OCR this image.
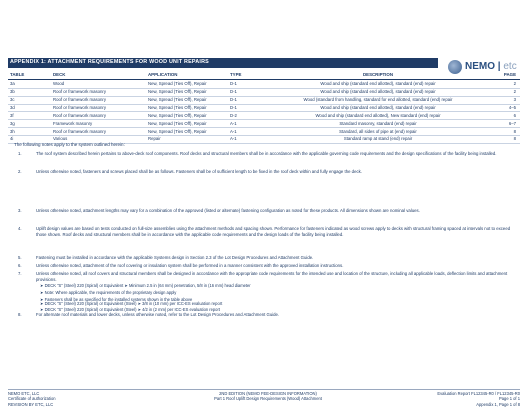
NEMO | etc
APPENDIX 1: ATTACHMENT REQUIREMENTS FOR WOOD UNIT REPAIRS
TABLE	DECK	APPLICATION	TYPE	DESCRIPTION	PAGE
3a	Wood	New, Spread (Ties Off), Repair	D-1	Wood and ship (standard end allotted), standard (end) repair	2
3b	Roof or framework masonry	New, Spread (Ties Off), Repair	D-1	Wood and ship (standard end allotted), standard (end) repair	2
3c	Roof or framework masonry	New, Spread (Ties Off), Repair	D-1	Wood (standard from handling, standard for end allotted, standard (end) repair	3
3d	Roof or framework masonry	New, Spread (Ties Off), Repair	D-1	Wood and ship (standard end allotted), standard (end) repair	4–5
3f	Roof or framework masonry	New, Spread (Ties Off), Repair	D-2	Wood and ship (standard end allotted), New standard (end) repair	6
3g	Framework masonry	New, Spread (Ties Off), Repair	A-1	Standard masonry, standard (end) repair	6–7
3h	Roof or framework masonry	New, Spread (Ties Off), Repair	A-1	Standard, all sides of pipe at (end) repair	8
4i	Various	Repair	A-1	Standard ramp at stand (end) repair	8
The following notes apply to the system outlined herein:
1.	The roof system described herein pertains to above-deck roof components. Roof decks and structural members shall be in accordance with the applicable governing code requirements and the design specifications of the facility being installed.
2.	Unless otherwise noted, fasteners and screws placed shall be as follows. Fasteners shall be of sufficient length to be fixed in the roof deck within and fully engage the deck.
3.	Unless otherwise noted, attachment lengths may vary for a combination of the approved (listed or alternate) fastening configuration as noted for these products. All dimensions shown are nominal values.
4.	Uplift design values are based on tests conducted on full-size assemblies using the attachment methods and spacing shown. Performance for fasteners indicated as wood screws apply to decks with structural framing spaced at intervals not to exceed those shown. Roof decks and structural members shall be in accordance with the applicable code requirements and the design loads of the facility being installed.
5.	Fastening must be installed in accordance with the applicable Systems design in Section 2.3 of the Lot Design Procedures and Attachment Guide.
6.	Unless otherwise noted, attachment of the roof covering or insulation system shall be performed in a manner consistent with the approved installation instructions.
7.	Unless otherwise noted, all roof covers and structural members shall be designed in accordance with the appropriate code requirements for the intended use and location of the structure, including all applicable loads, deflection limits and attachment provisions.
8.	For alternate roof materials and lower decks, unless otherwise noted, refer to the Lot Design Procedures and Attachment Guide.
➤ DECK "S" (Steel) 220 (Spiral) or Equivalent ➤ Minimum 2.5 in (64 mm) penetration, 5/8 in (16 mm) head diameter
➤ Note: Where applicable, the requirements of the proprietary design apply
➤ Fasteners shall be as specified for the installed systems shown in the table above
➤ DECK "S" (Steel) 220 (Spiral) or Equivalent (Steel) ➤ 3/8 in (10 mm) per ICC-ES evaluation report
➤ DECK "S" (Steel) 220 (Spiral) or Equivalent (Steel) ➤ 4/2 in (2 mm) per ICC-ES evaluation report
NEMO ETC, LLC
Certificate of authorization
REVISION BY ETC, LLC
2ND EDITION (NEMO FEE-DESIGN INFORMATION)
Part 1 Roof Uplift Design Requirements (Wood) Attachment
Evaluation Report FL12345-R0 / FL12345-R0
Page 1 of 1
Appendix 1, Page 1 of 8
